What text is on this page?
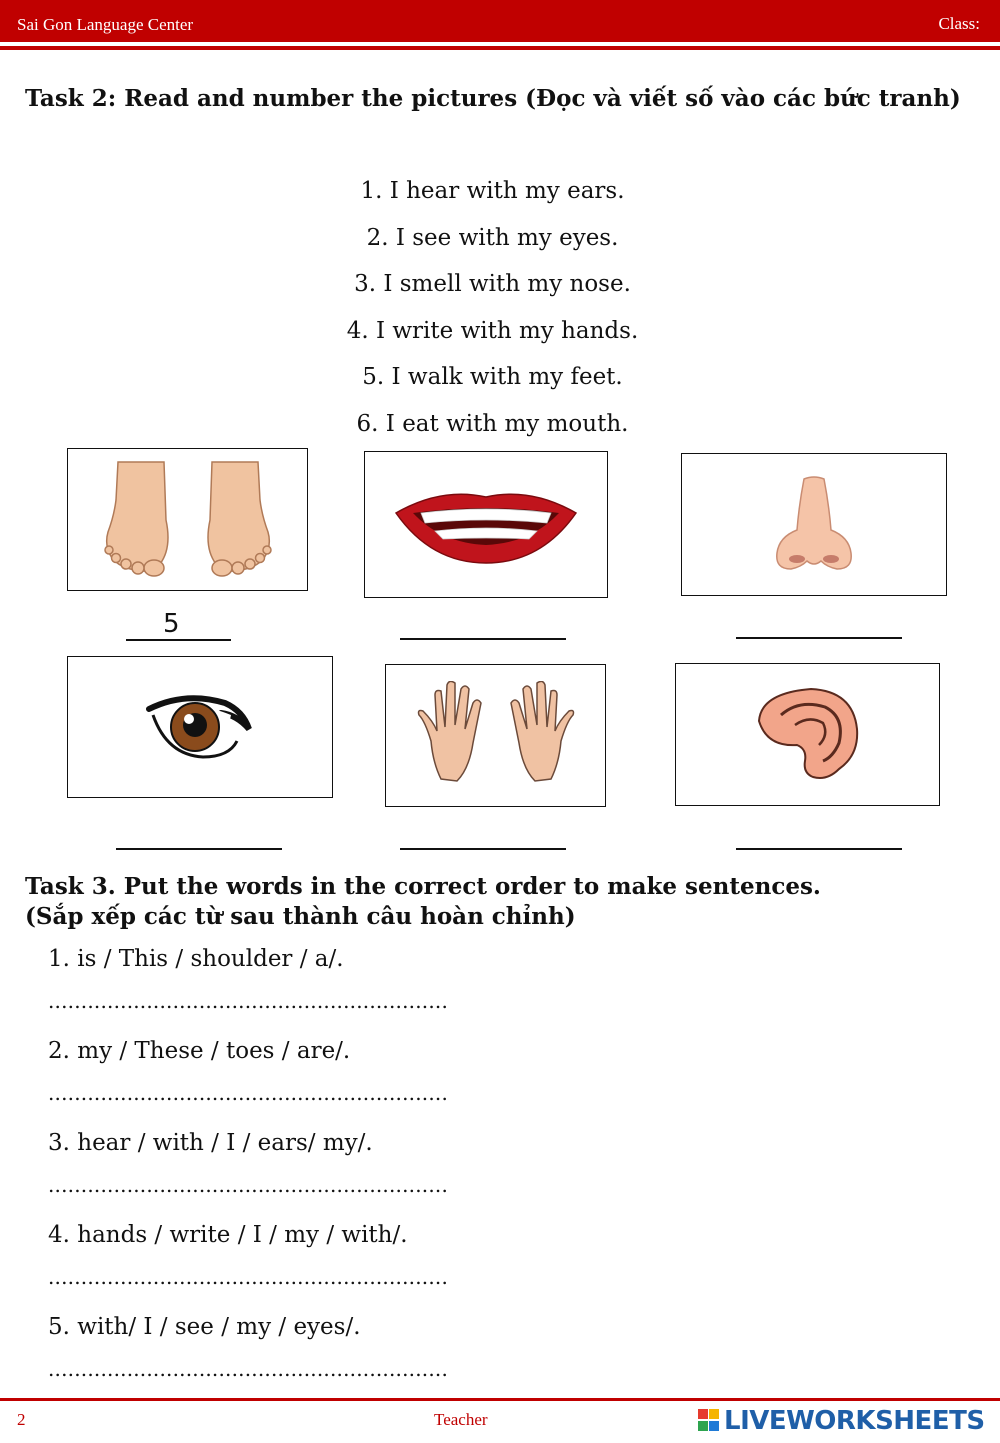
Sai Gon Language Center	Class:
Task 2: Read and number the pictures (Đọc và viết số vào các bức tranh)
1. I hear with my ears.
2. I see with my eyes.
3. I smell with my nose.
4. I write with my hands.
5. I walk with my feet.
6. I eat with my mouth.
5
Task 3. Put the words in the correct order to make sentences.
(Sắp xếp các từ sau thành câu hoàn chỉnh)
1. is / This / shoulder / a/.
.............................................................
2. my / These / toes / are/.
.............................................................
3. hear / with / I / ears/ my/.
.............................................................
4. hands / write / I / my / with/.
.............................................................
5. with/ I / see / my / eyes/.
.............................................................
2	Teacher	LIVEWORKSHEETS
